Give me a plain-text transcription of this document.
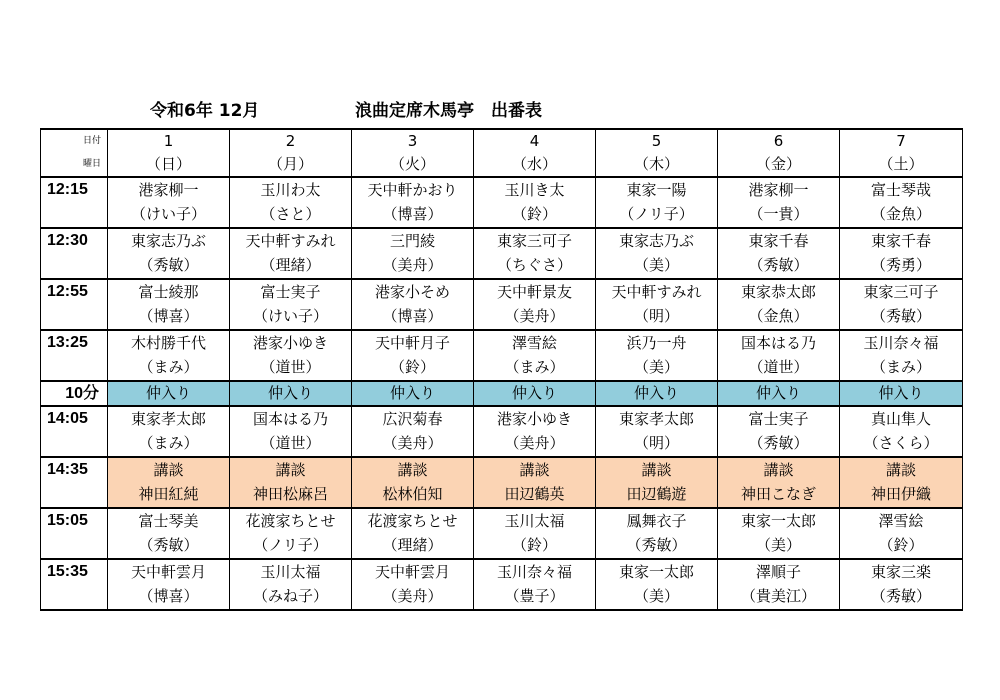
令和6年 12月	浪曲定席木馬亭　出番表
日付	1	2	3	4	5	6	7
曜日	（日）	（月）	（火）	（水）	（木）	（金）	（土）
12:15	港家柳一	玉川わ太	天中軒かおり	玉川き太	東家一陽	港家柳一	富士琴哉
	（けい子）	（さと）	（博喜）	（鈴）	（ノリ子）	（一貴）	（金魚）
12:30	東家志乃ぶ	天中軒すみれ	三門綾	東家三可子	東家志乃ぶ	東家千春	東家千春
	（秀敏）	（理緒）	（美舟）	（ちぐさ）	（美）	（秀敏）	（秀勇）
12:55	富士綾那	富士実子	港家小そめ	天中軒景友	天中軒すみれ	東家恭太郎	東家三可子
	（博喜）	（けい子）	（博喜）	（美舟）	（明）	（金魚）	（秀敏）
13:25	木村勝千代	港家小ゆき	天中軒月子	澤雪絵	浜乃一舟	国本はる乃	玉川奈々福
	（まみ）	（道世）	（鈴）	（まみ）	（美）	（道世）	（まみ）
10分	仲入り	仲入り	仲入り	仲入り	仲入り	仲入り	仲入り
14:05	東家孝太郎	国本はる乃	広沢菊春	港家小ゆき	東家孝太郎	富士実子	真山隼人
	（まみ）	（道世）	（美舟）	（美舟）	（明）	（秀敏）	（さくら）
14:35	講談	講談	講談	講談	講談	講談	講談
	神田紅純	神田松麻呂	松林伯知	田辺鶴英	田辺鶴遊	神田こなぎ	神田伊織
15:05	富士琴美	花渡家ちとせ	花渡家ちとせ	玉川太福	鳳舞衣子	東家一太郎	澤雪絵
	（秀敏）	（ノリ子）	（理緒）	（鈴）	（秀敏）	（美）	（鈴）
15:35	天中軒雲月	玉川太福	天中軒雲月	玉川奈々福	東家一太郎	澤順子	東家三楽
	（博喜）	（みね子）	（美舟）	（豊子）	（美）	（貴美江）	（秀敏）
